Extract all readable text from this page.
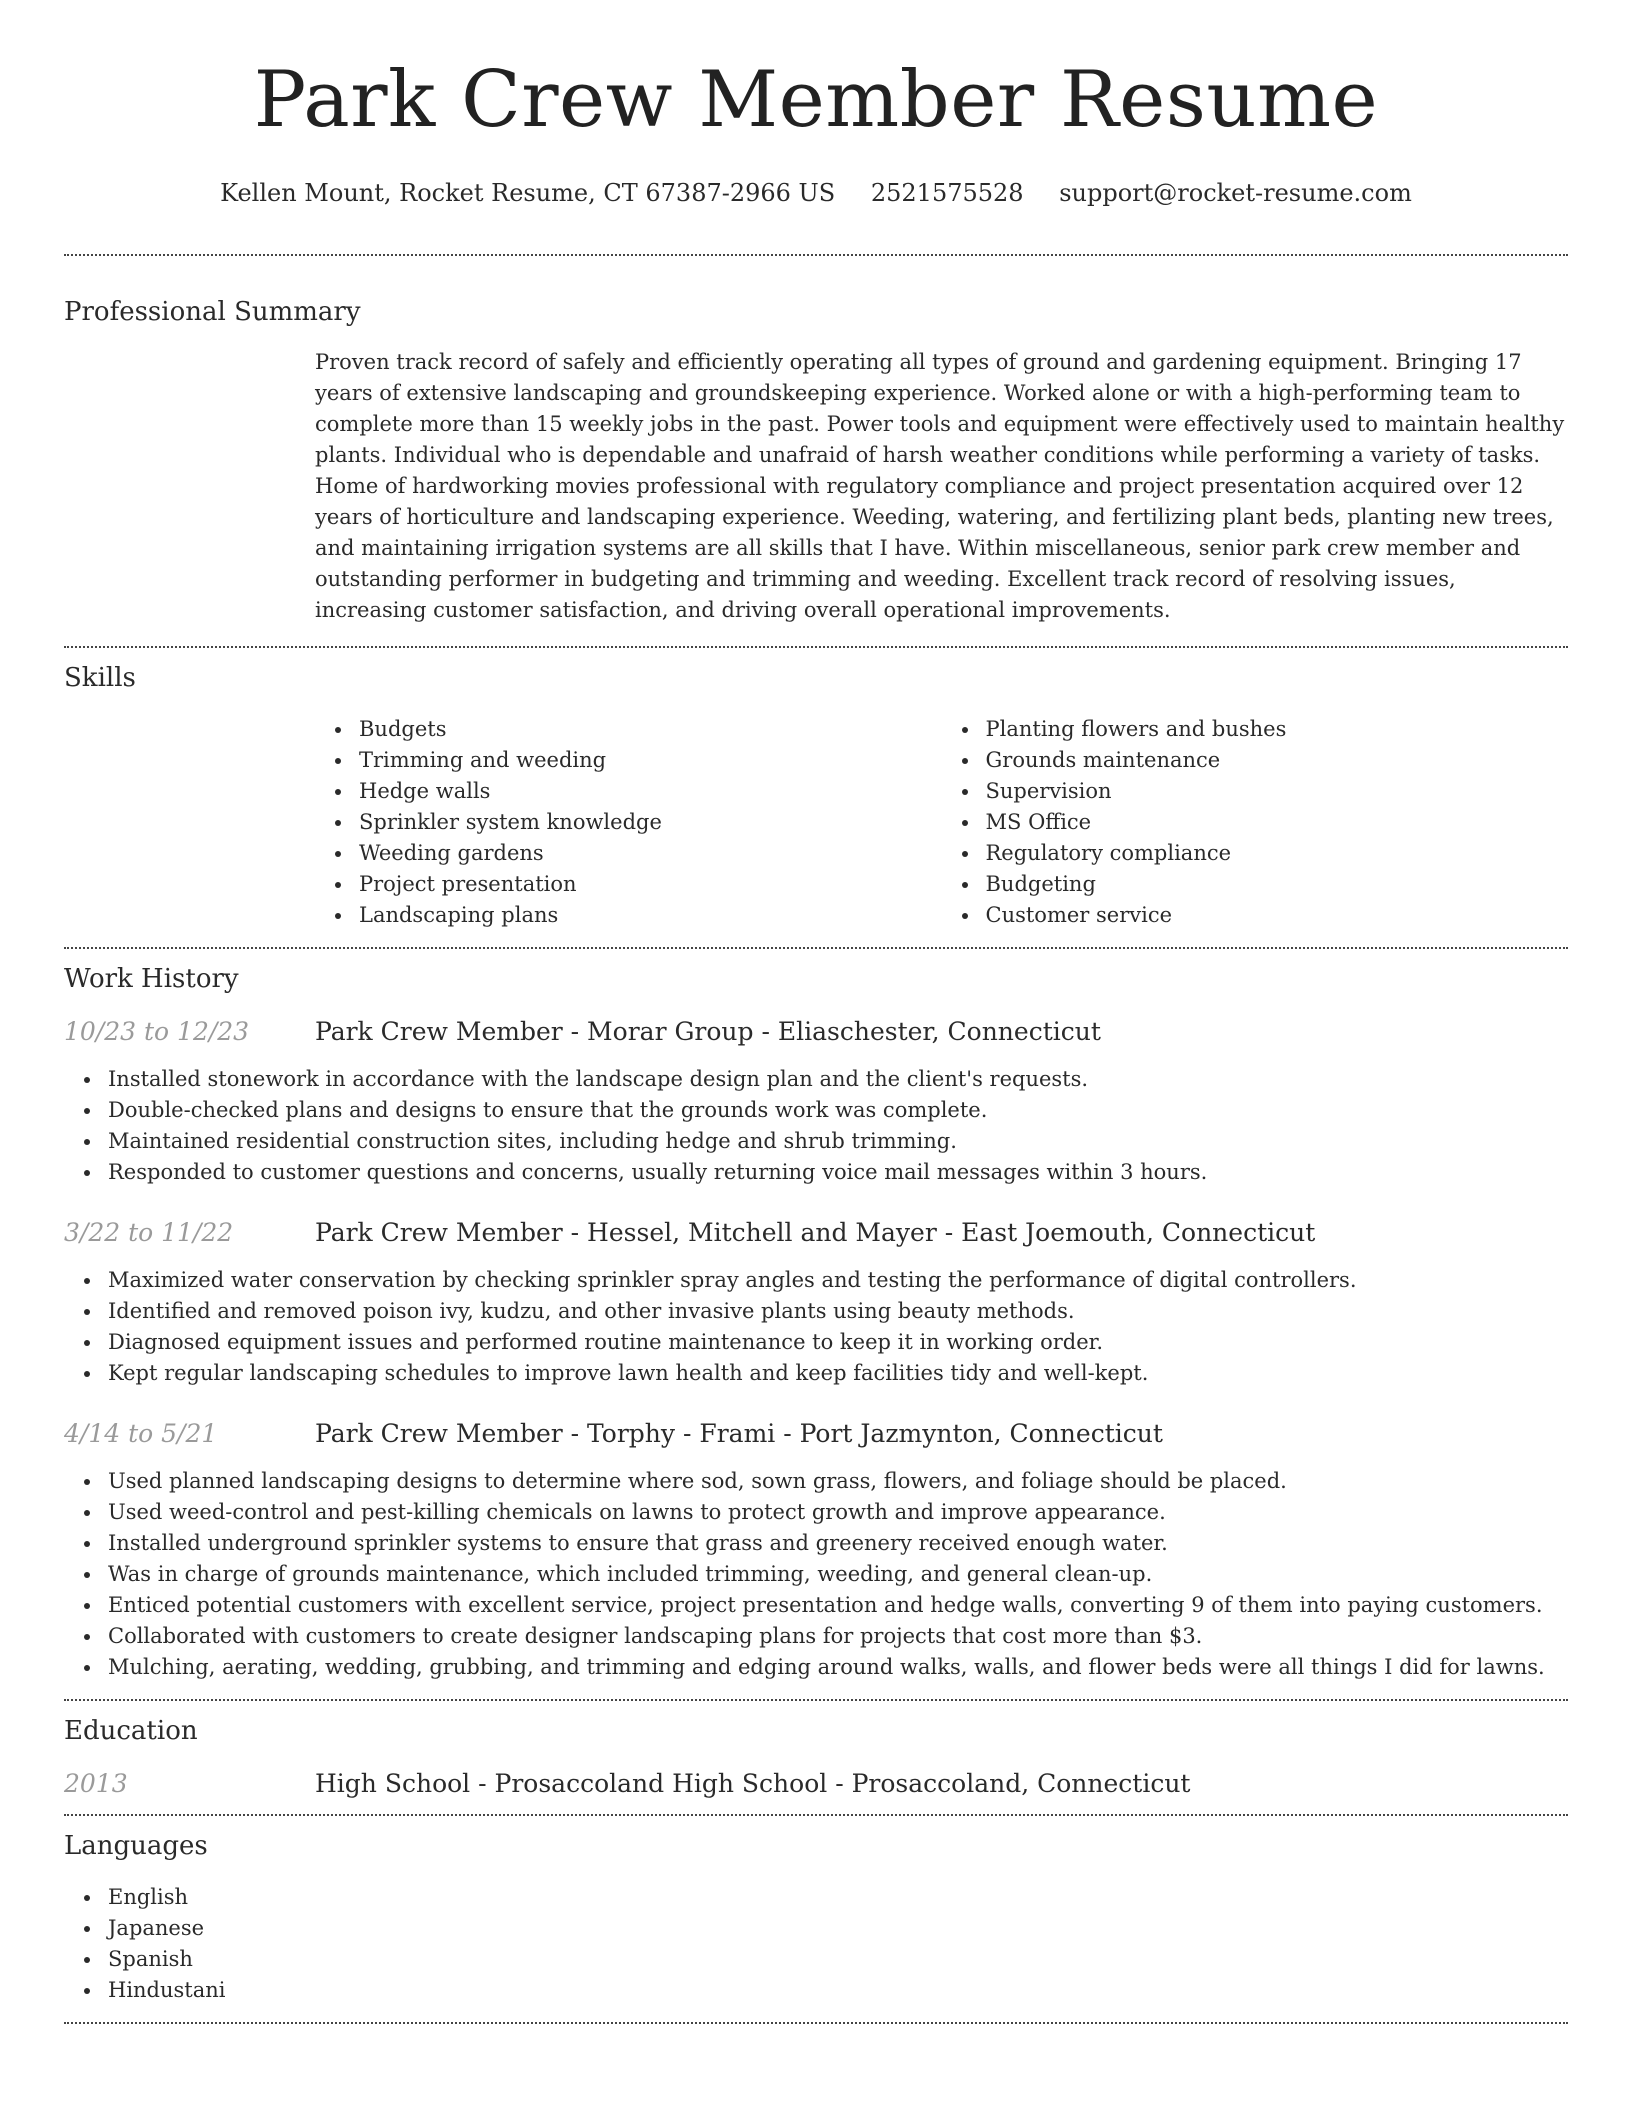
Park Crew Member Resume
Kellen Mount, Rocket Resume, CT 67387-2966 US 2521575528 support@rocket-resume.com
Professional Summary
Proven track record of safely and efficiently operating all types of ground and gardening equipment. Bringing 17 years of extensive landscaping and groundskeeping experience. Worked alone or with a high-performing team to complete more than 15 weekly jobs in the past. Power tools and equipment were effectively used to maintain healthy plants. Individual who is dependable and unafraid of harsh weather conditions while performing a variety of tasks. Home of hardworking movies professional with regulatory compliance and project presentation acquired over 12 years of horticulture and landscaping experience. Weeding, watering, and fertilizing plant beds, planting new trees, and maintaining irrigation systems are all skills that I have. Within miscellaneous, senior park crew member and outstanding performer in budgeting and trimming and weeding. Excellent track record of resolving issues, increasing customer satisfaction, and driving overall operational improvements.
Skills
Budgets
Trimming and weeding
Hedge walls
Sprinkler system knowledge
Weeding gardens
Project presentation
Landscaping plans
Planting flowers and bushes
Grounds maintenance
Supervision
MS Office
Regulatory compliance
Budgeting
Customer service
Work History
10/23 to 12/23	Park Crew Member - Morar Group - Eliaschester, Connecticut
Installed stonework in accordance with the landscape design plan and the client's requests.
Double-checked plans and designs to ensure that the grounds work was complete.
Maintained residential construction sites, including hedge and shrub trimming.
Responded to customer questions and concerns, usually returning voice mail messages within 3 hours.
3/22 to 11/22	Park Crew Member - Hessel, Mitchell and Mayer - East Joemouth, Connecticut
Maximized water conservation by checking sprinkler spray angles and testing the performance of digital controllers.
Identified and removed poison ivy, kudzu, and other invasive plants using beauty methods.
Diagnosed equipment issues and performed routine maintenance to keep it in working order.
Kept regular landscaping schedules to improve lawn health and keep facilities tidy and well-kept.
4/14 to 5/21	Park Crew Member - Torphy - Frami - Port Jazmynton, Connecticut
Used planned landscaping designs to determine where sod, sown grass, flowers, and foliage should be placed.
Used weed-control and pest-killing chemicals on lawns to protect growth and improve appearance.
Installed underground sprinkler systems to ensure that grass and greenery received enough water.
Was in charge of grounds maintenance, which included trimming, weeding, and general clean-up.
Enticed potential customers with excellent service, project presentation and hedge walls, converting 9 of them into paying customers.
Collaborated with customers to create designer landscaping plans for projects that cost more than $3.
Mulching, aerating, wedding, grubbing, and trimming and edging around walks, walls, and flower beds were all things I did for lawns.
Education
2013	High School - Prosaccoland High School - Prosaccoland, Connecticut
Languages
English
Japanese
Spanish
Hindustani
